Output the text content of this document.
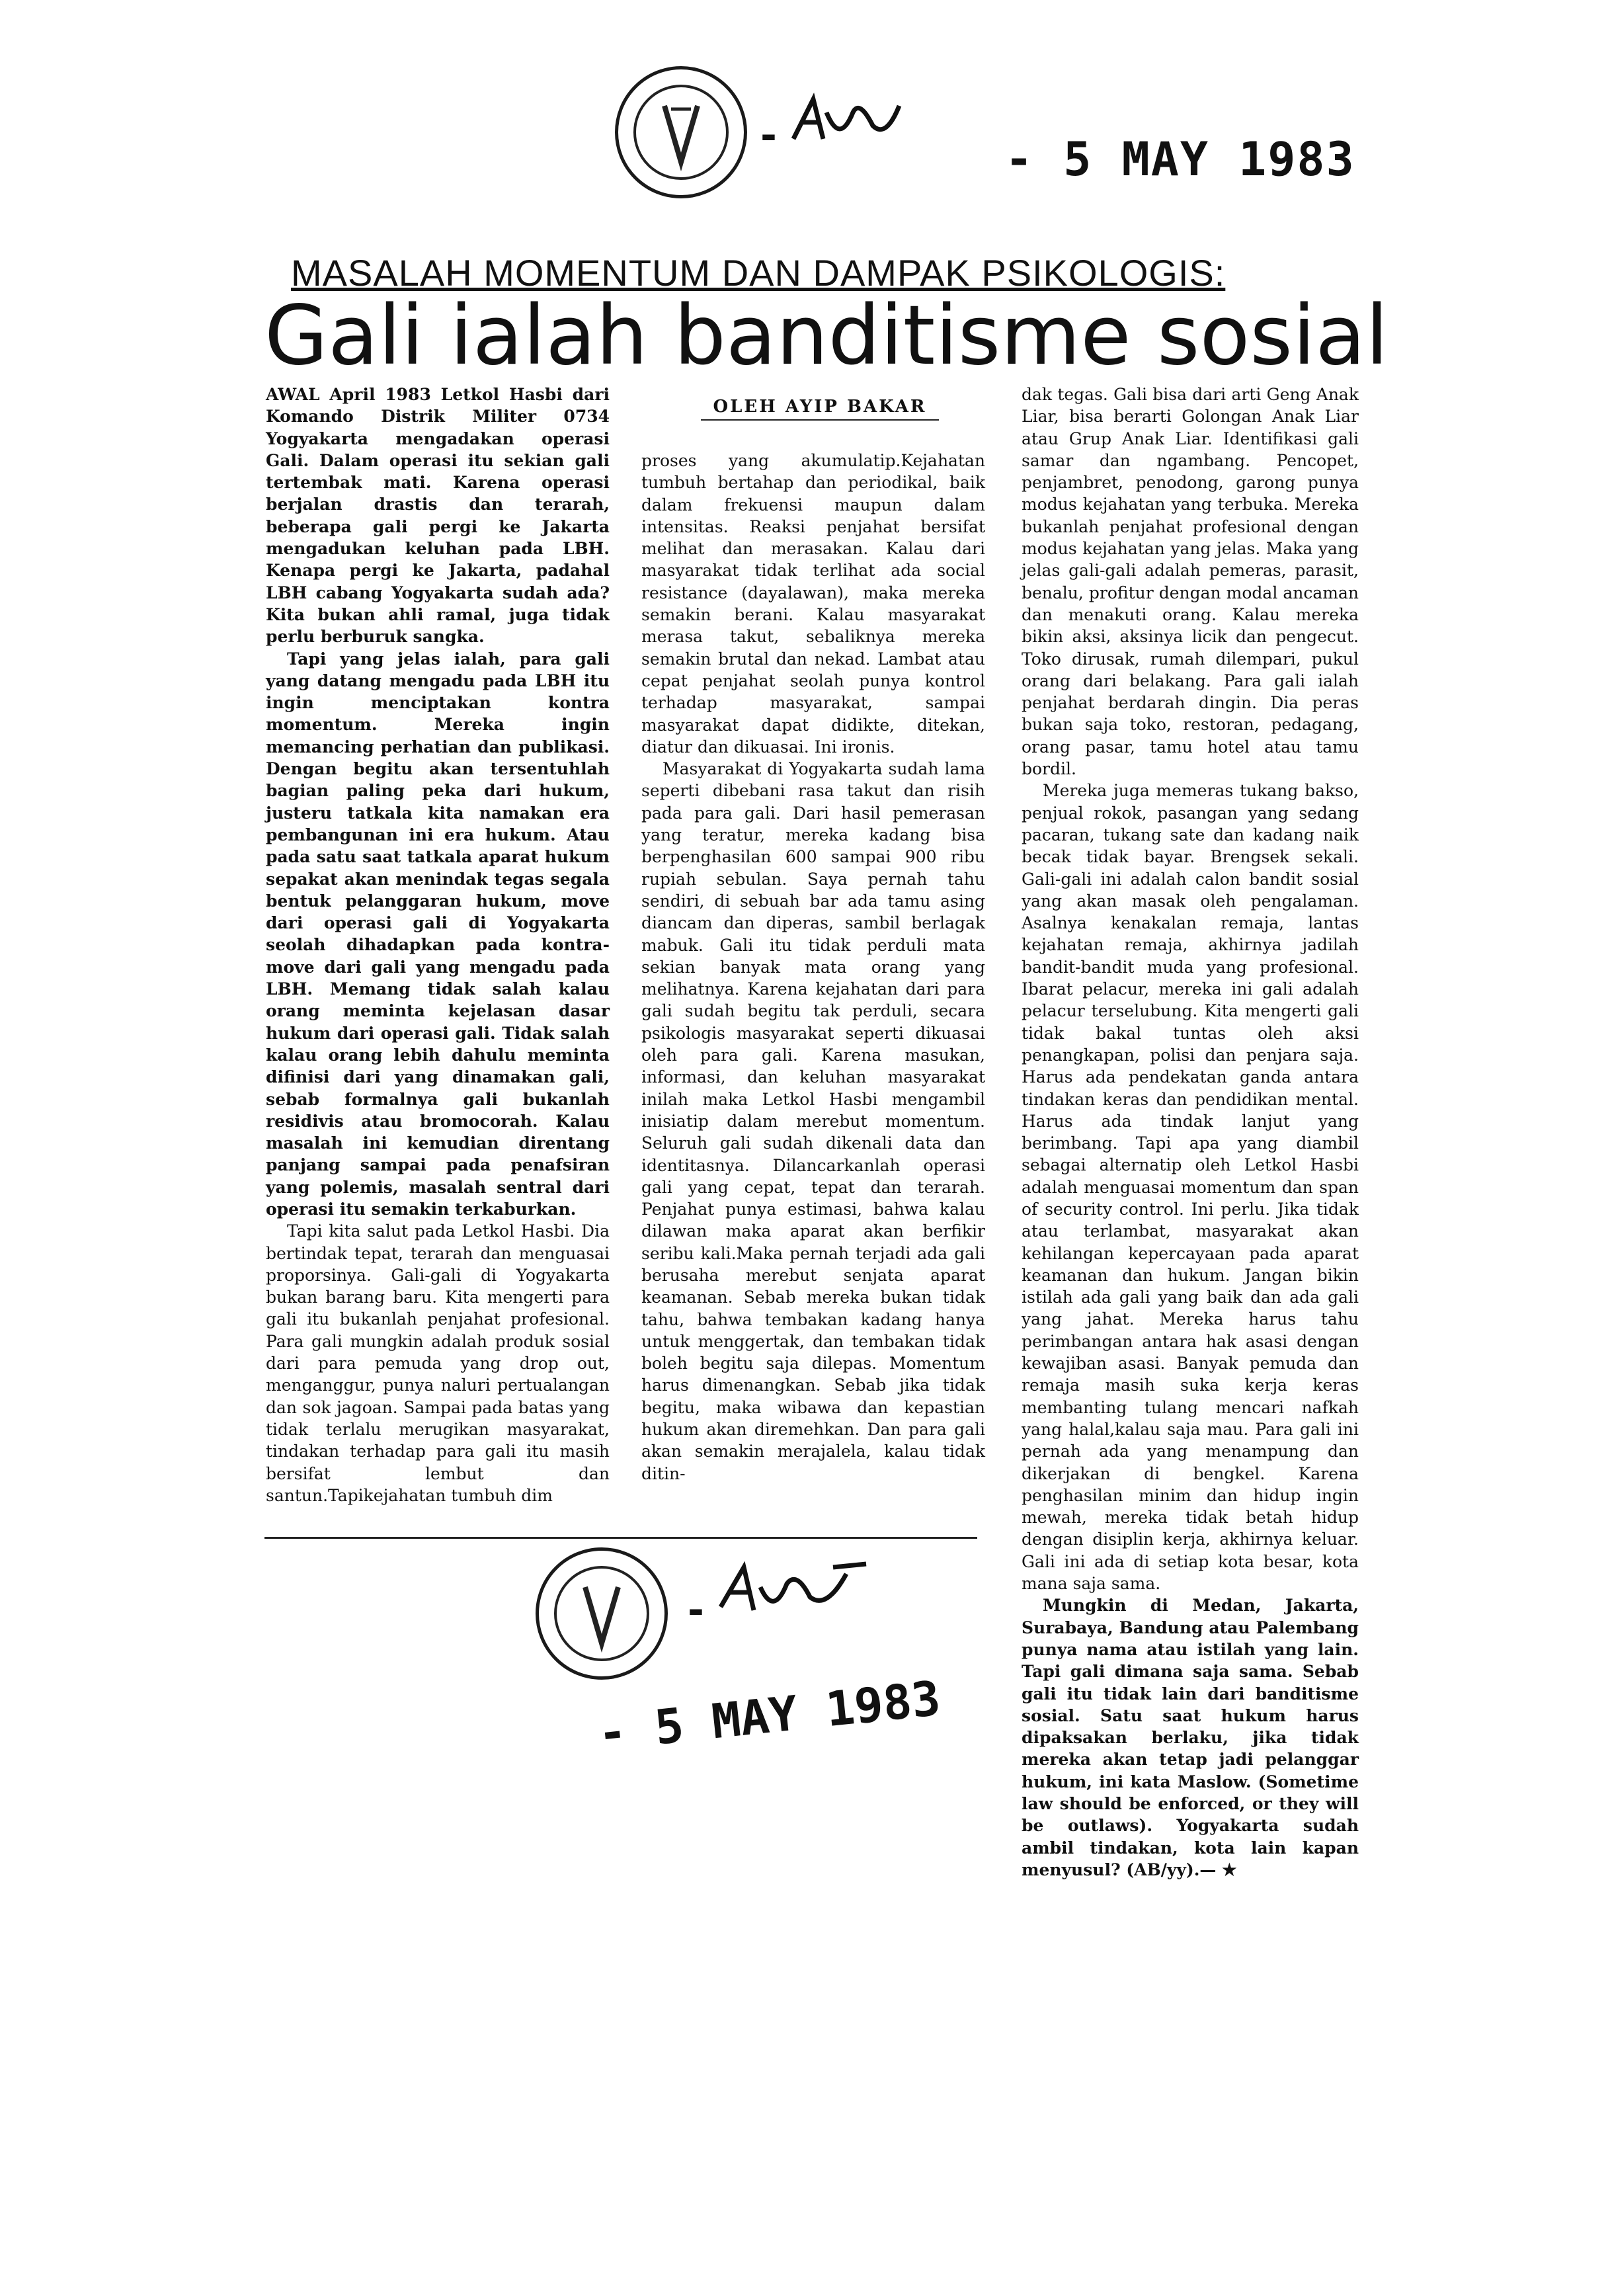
-	- 5 MAY 1983
MASALAH MOMENTUM DAN DAMPAK PSIKOLOGIS:
Gali ialah banditisme sosial
OLEH AYIP BAKAR

AWAL April 1983 Letkol Hasbi dari Komando Distrik Militer 0734 Yogyakarta mengadakan operasi Gali. Dalam operasi itu sekian gali tertembak mati. Karena operasi berjalan drastis dan terarah, beberapa gali pergi ke Jakarta mengadukan keluhan pada LBH. Kenapa pergi ke Jakarta, padahal LBH cabang Yogyakarta sudah ada? Kita bukan ahli ramal, juga tidak perlu berburuk sangka.

Tapi yang jelas ialah, para gali yang datang mengadu pada LBH itu ingin menciptakan kontra momentum. Mereka ingin memancing perhatian dan publikasi. Dengan begitu akan tersentuhlah bagian paling peka dari hukum, justeru tatkala kita namakan era pembangunan ini era hukum. Atau pada satu saat tatkala aparat hukum sepakat akan menindak tegas segala bentuk pelanggaran hukum, move dari operasi gali di Yogyakarta seolah dihadapkan pada kontra-move dari gali yang mengadu pada LBH. Memang tidak salah kalau orang meminta kejelasan dasar hukum dari operasi gali. Tidak salah kalau orang lebih dahulu meminta difinisi dari yang dinamakan gali, sebab formalnya gali bukanlah residivis atau bromocorah. Kalau masalah ini kemudian direntang panjang sampai pada penafsiran yang polemis, masalah sentral dari operasi itu semakin terkaburkan.

Tapi kita salut pada Letkol Hasbi. Dia bertindak tepat, terarah dan menguasai proporsinya. Gali-gali di Yogyakarta bukan barang baru. Kita mengerti para gali itu bukanlah penjahat profesional. Para gali mungkin adalah produk sosial dari para pemuda yang drop out, menganggur, punya naluri pertualangan dan sok jagoan. Sampai pada batas yang tidak terlalu merugikan masyarakat, tindakan terhadap para gali itu masih bersifat lembut dan santun.Tapikejahatan tumbuh dim

proses yang akumulatip.Kejahatan tumbuh bertahap dan periodikal, baik dalam frekuensi maupun dalam intensitas. Reaksi penjahat bersifat melihat dan merasakan. Kalau dari masyarakat tidak terlihat ada social resistance (dayalawan), maka mereka semakin berani. Kalau masyarakat merasa takut, sebaliknya mereka semakin brutal dan nekad. Lambat atau cepat penjahat seolah punya kontrol terhadap masyarakat, sampai masyarakat dapat didikte, ditekan, diatur dan dikuasai. Ini ironis.

Masyarakat di Yogyakarta sudah lama seperti dibebani rasa takut dan risih pada para gali. Dari hasil pemerasan yang teratur, mereka kadang bisa berpenghasilan 600 sampai 900 ribu rupiah sebulan. Saya pernah tahu sendiri, di sebuah bar ada tamu asing diancam dan diperas, sambil berlagak mabuk. Gali itu tidak perduli mata sekian banyak mata orang yang melihatnya. Karena kejahatan dari para gali sudah begitu tak perduli, secara psikologis masyarakat seperti dikuasai oleh para gali. Karena masukan, informasi, dan keluhan masyarakat inilah maka Letkol Hasbi mengambil inisiatip dalam merebut momentum. Seluruh gali sudah dikenali data dan identitasnya. Dilancarkanlah operasi gali yang cepat, tepat dan terarah. Penjahat punya estimasi, bahwa kalau dilawan maka aparat akan berfikir seribu kali.Maka pernah terjadi ada gali berusaha merebut senjata aparat keamanan. Sebab mereka bukan tidak tahu, bahwa tembakan kadang hanya untuk menggertak, dan tembakan tidak boleh begitu saja dilepas. Momentum harus dimenangkan. Sebab jika tidak begitu, maka wibawa dan kepastian hukum akan diremehkan. Dan para gali akan semakin merajalela, kalau tidak ditin-

dak tegas. Gali bisa dari arti Geng Anak Liar, bisa berarti Golongan Anak Liar atau Grup Anak Liar. Identifikasi gali samar dan ngambang. Pencopet, penjambret, penodong, garong punya modus kejahatan yang terbuka. Mereka bukanlah penjahat profesional dengan modus kejahatan yang jelas. Maka yang jelas gali-gali adalah pemeras, parasit, benalu, profitur dengan modal ancaman dan menakuti orang. Kalau mereka bikin aksi, aksinya licik dan pengecut. Toko dirusak, rumah dilempari, pukul orang dari belakang. Para gali ialah penjahat berdarah dingin. Dia peras bukan saja toko, restoran, pedagang, orang pasar, tamu hotel atau tamu bordil.

Mereka juga memeras tukang bakso, penjual rokok, pasangan yang sedang pacaran, tukang sate dan kadang naik becak tidak bayar. Brengsek sekali. Gali-gali ini adalah calon bandit sosial yang akan masak oleh pengalaman. Asalnya kenakalan remaja, lantas kejahatan remaja, akhirnya jadilah bandit-bandit muda yang profesional. Ibarat pelacur, mereka ini gali adalah pelacur terselubung. Kita mengerti gali tidak bakal tuntas oleh aksi penangkapan, polisi dan penjara saja. Harus ada pendekatan ganda antara tindakan keras dan pendidikan mental. Harus ada tindak lanjut yang berimbang. Tapi apa yang diambil sebagai alternatip oleh Letkol Hasbi adalah menguasai momentum dan span of security control. Ini perlu. Jika tidak atau terlambat, masyarakat akan kehilangan kepercayaan pada aparat keamanan dan hukum. Jangan bikin istilah ada gali yang baik dan ada gali yang jahat. Mereka harus tahu perimbangan antara hak asasi dengan kewajiban asasi. Banyak pemuda dan remaja masih suka kerja keras membanting tulang mencari nafkah yang halal,kalau saja mau. Para gali ini pernah ada yang menampung dan dikerjakan di bengkel. Karena penghasilan minim dan hidup ingin mewah, mereka tidak betah hidup dengan disiplin kerja, akhirnya keluar. Gali ini ada di setiap kota besar, kota mana saja sama.

Mungkin di Medan, Jakarta, Surabaya, Bandung atau Palembang punya nama atau istilah yang lain. Tapi gali dimana saja sama. Sebab gali itu tidak lain dari banditisme sosial. Satu saat hukum harus dipaksakan berlaku, jika tidak mereka akan tetap jadi pelanggar hukum, ini kata Maslow. (Sometime law should be enforced, or they will be outlaws). Yogyakarta sudah ambil tindakan, kota lain kapan menyusul? (AB/yy).— ★

-
- 5 MAY 1983
